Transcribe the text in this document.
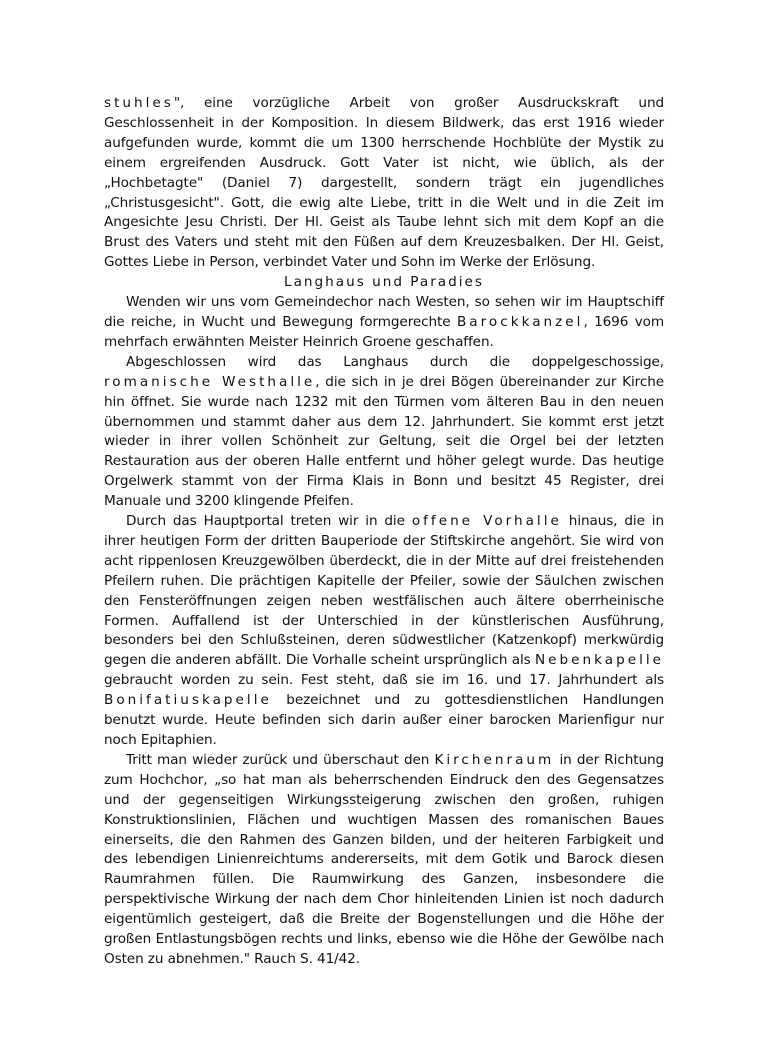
stuhles", eine vorzügliche Arbeit von großer Ausdruckskraft und Geschlossenheit in der Komposition. In diesem Bildwerk, das erst 1916 wieder aufgefunden wurde, kommt die um 1300 herrschende Hochblüte der Mystik zu einem ergreifenden Ausdruck. Gott Vater ist nicht, wie üblich, als der „Hochbetagte" (Daniel 7) dargestellt, sondern trägt ein jugendliches „Christusgesicht". Gott, die ewig alte Liebe, tritt in die Welt und in die Zeit im Angesichte Jesu Christi. Der Hl. Geist als Taube lehnt sich mit dem Kopf an die Brust des Vaters und steht mit den Füßen auf dem Kreuzesbalken. Der Hl. Geist, Gottes Liebe in Person, verbindet Vater und Sohn im Werke der Erlösung.

Langhaus und Paradies

Wenden wir uns vom Gemeindechor nach Westen, so sehen wir im Hauptschiff die reiche, in Wucht und Bewegung formgerechte Barockkanzel, 1696 vom mehrfach erwähnten Meister Heinrich Groene geschaffen.

Abgeschlossen wird das Langhaus durch die doppelgeschossige, romanische Westhalle, die sich in je drei Bögen übereinander zur Kirche hin öffnet. Sie wurde nach 1232 mit den Türmen vom älteren Bau in den neuen übernommen und stammt daher aus dem 12. Jahrhundert. Sie kommt erst jetzt wieder in ihrer vollen Schönheit zur Geltung, seit die Orgel bei der letzten Restauration aus der oberen Halle entfernt und höher gelegt wurde. Das heutige Orgelwerk stammt von der Firma Klais in Bonn und besitzt 45 Register, drei Manuale und 3200 klingende Pfeifen.

Durch das Hauptportal treten wir in die offene Vorhalle hinaus, die in ihrer heutigen Form der dritten Bauperiode der Stiftskirche angehört. Sie wird von acht rippenlosen Kreuzgewölben überdeckt, die in der Mitte auf drei freistehenden Pfeilern ruhen. Die prächtigen Kapitelle der Pfeiler, sowie der Säulchen zwischen den Fensteröffnungen zeigen neben westfälischen auch ältere oberrheinische Formen. Auffallend ist der Unterschied in der künstlerischen Ausführung, besonders bei den Schlußsteinen, deren südwestlicher (Katzenkopf) merkwürdig gegen die anderen abfällt. Die Vorhalle scheint ursprünglich als Nebenkapelle gebraucht worden zu sein. Fest steht, daß sie im 16. und 17. Jahrhundert als Bonifatiuskapelle bezeichnet und zu gottesdienstlichen Handlungen benutzt wurde. Heute befinden sich darin außer einer barocken Marienfigur nur noch Epitaphien.

Tritt man wieder zurück und überschaut den Kirchenraum in der Richtung zum Hochchor, „so hat man als beherrschenden Eindruck den des Gegensatzes und der gegenseitigen Wirkungssteigerung zwischen den großen, ruhigen Konstruktionslinien, Flächen und wuchtigen Massen des romanischen Baues einerseits, die den Rahmen des Ganzen bilden, und der heiteren Farbigkeit und des lebendigen Linienreichtums andererseits, mit dem Gotik und Barock diesen Raumrahmen füllen. Die Raumwirkung des Ganzen, insbesondere die perspektivische Wirkung der nach dem Chor hinleitenden Linien ist noch dadurch eigentümlich gesteigert, daß die Breite der Bogenstellungen und die Höhe der großen Entlastungsbögen rechts und links, ebenso wie die Höhe der Gewölbe nach Osten zu abnehmen." Rauch S. 41/42.
